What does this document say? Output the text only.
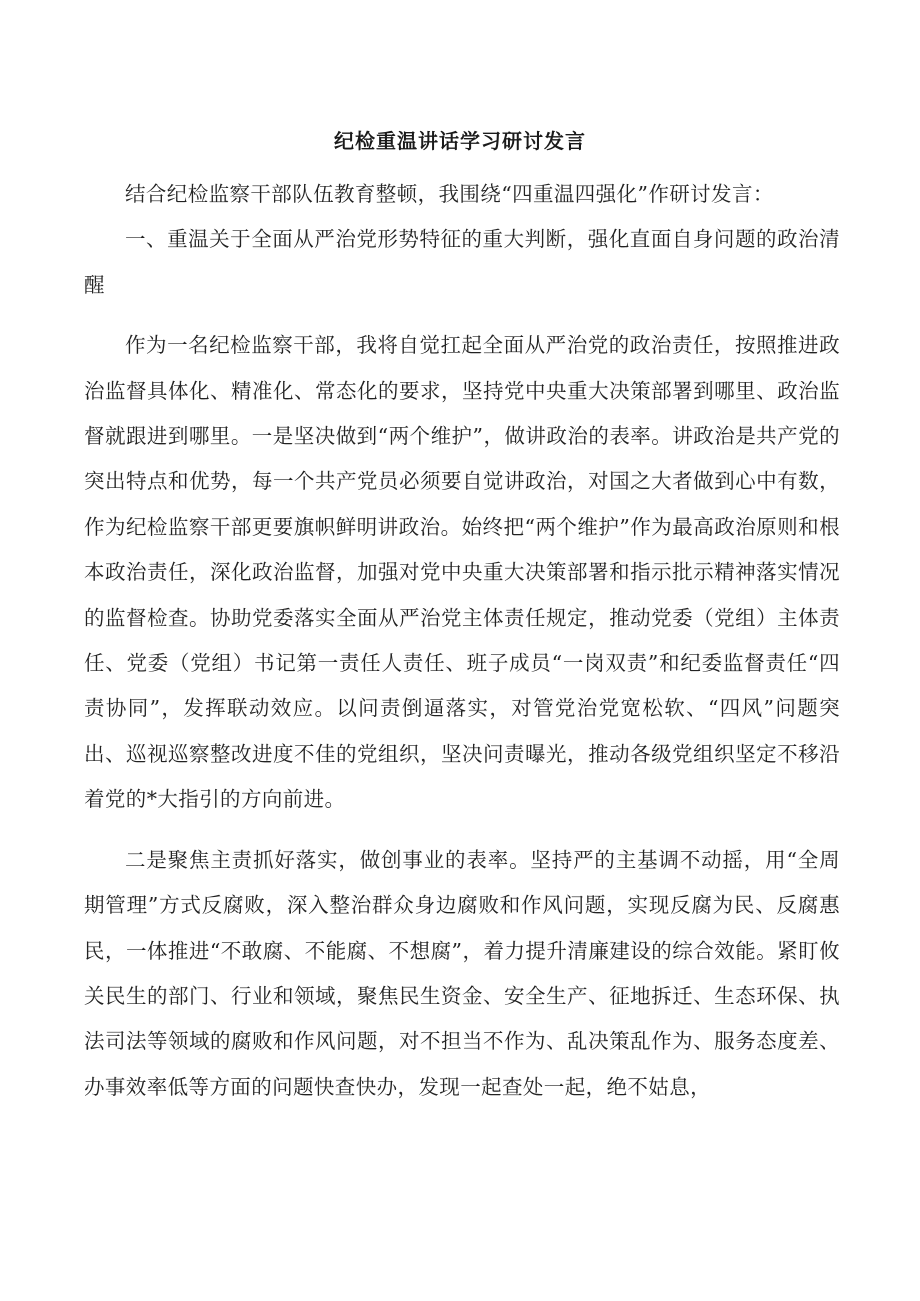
纪检重温讲话学习研讨发言

结合纪检监察干部队伍教育整顿，我围绕“四重温四强化”作研讨发言：

一、重温关于全面从严治党形势特征的重大判断，强化直面自身问题的政治清醒

作为一名纪检监察干部，我将自觉扛起全面从严治党的政治责任，按照推进政治监督具体化、精准化、常态化的要求，坚持党中央重大决策部署到哪里、政治监督就跟进到哪里。一是坚决做到“两个维护”，做讲政治的表率。讲政治是共产党的突出特点和优势，每一个共产党员必须要自觉讲政治，对国之大者做到心中有数，作为纪检监察干部更要旗帜鲜明讲政治。始终把“两个维护”作为最高政治原则和根本政治责任，深化政治监督，加强对党中央重大决策部署和指示批示精神落实情况的监督检查。协助党委落实全面从严治党主体责任规定，推动党委（党组）主体责任、党委（党组）书记第一责任人责任、班子成员“一岗双责”和纪委监督责任“四责协同”，发挥联动效应。以问责倒逼落实，对管党治党宽松软、“四风”问题突出、巡视巡察整改进度不佳的党组织，坚决问责曝光，推动各级党组织坚定不移沿着党的*大指引的方向前进。

二是聚焦主责抓好落实，做创事业的表率。坚持严的主基调不动摇，用“全周期管理”方式反腐败，深入整治群众身边腐败和作风问题，实现反腐为民、反腐惠民，一体推进“不敢腐、不能腐、不想腐”，着力提升清廉建设的综合效能。紧盯攸关民生的部门、行业和领域，聚焦民生资金、安全生产、征地拆迁、生态环保、执法司法等领域的腐败和作风问题，对不担当不作为、乱决策乱作为、服务态度差、办事效率低等方面的问题快查快办，发现一起查处一起，绝不姑息，
